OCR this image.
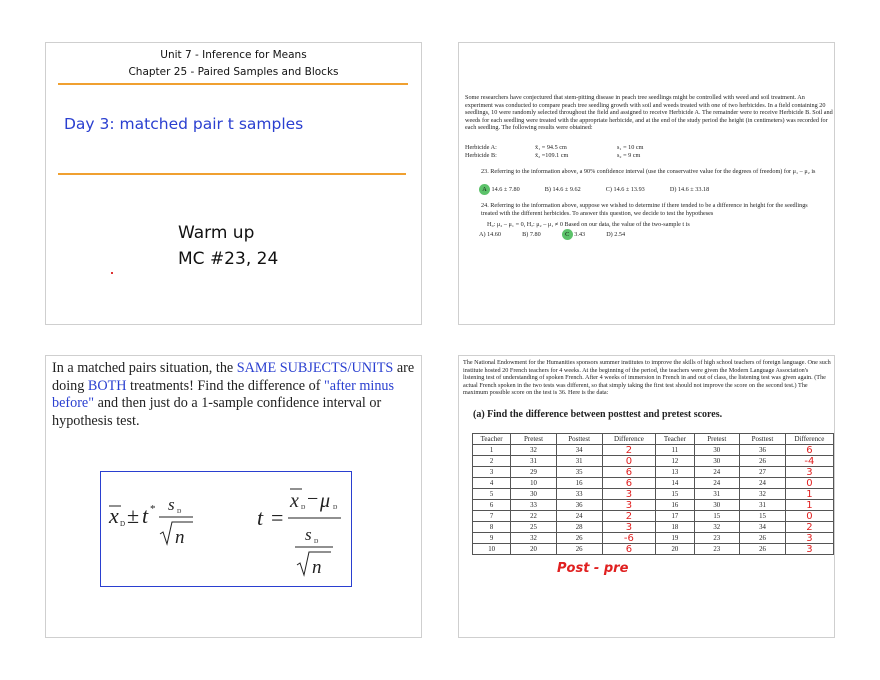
Unit 7 - Inference for Means
Chapter 25 - Paired Samples and Blocks
Day 3: matched pair t samples
Warm up
MC #23, 24
Some researchers have conjectured that stem-pitting disease in peach tree seedlings might be controlled with weed and soil treatment. An experiment was conducted to compare peach tree seedling growth with soil and weeds treated with one of two herbicides. In a field containing 20 seedlings, 10 were randomly selected throughout the field and assigned to receive Herbicide A. The remainder were to receive Herbicide B. Soil and weeds for each seedling were treated with the appropriate herbicide, and at the end of the study period the height (in centimeters) was recorded for each seedling. The following results were obtained:
Herbicide A:	x̄₁ = 94.5 cm	s₁ = 10 cm
Herbicide B:	x̄₂ =109.1 cm	s₂ = 9 cm
23. Referring to the information above, a 90% confidence interval (use the conservative value for the degrees of freedom) for μ₁ – μ₂ is
A 14.6 ± 7.80	B) 14.6 ± 9.62	C) 14.6 ± 13.93	D) 14.6 ± 33.18
24. Referring to the information above, suppose we wished to determine if there tended to be a difference in height for the seedlings treated with the different herbicides. To answer this question, we decide to test the hypotheses
H₀: μ₂ – μ₁ = 0, Hₐ: μ₂ – μ₁ ≠ 0 Based on our data, the value of the two-sample t is
A) 14.60	B) 7.80	C 3.43	D) 2.54
In a matched pairs situation, the SAME SUBJECTS/UNITS are doing BOTH treatments! Find the difference of "after minus before" and then just do a 1-sample confidence interval or hypothesis test.
x D ± t * s D
n
t =
x D − μ D
s D
n
The National Endowment for the Humanities sponsors summer institutes to improve the skills of high school teachers of foreign language. One such institute hosted 20 French teachers for 4 weeks. At the beginning of the period, the teachers were given the Modern Language Association's listening test of understanding of spoken French. After 4 weeks of immersion in French in and out of class, the listening test was given again. (The actual French spoken in the two tests was different, so that simply taking the first test should not improve the score on the second test.) The maximum possible score on the test is 36. Here is the data:
(a) Find the difference between posttest and pretest scores.
Teacher	Pretest	Posttest	Difference	Teacher	Pretest	Posttest	Difference
1	32	34	2	11	30	36	6
2	31	31	0	12	30	26	-4
3	29	35	6	13	24	27	3
4	10	16	6	14	24	24	0
5	30	33	3	15	31	32	1
6	33	36	3	16	30	31	1
7	22	24	2	17	15	15	0
8	25	28	3	18	32	34	2
9	32	26	-6	19	23	26	3
10	20	26	6	20	23	26	3
Post - pre
